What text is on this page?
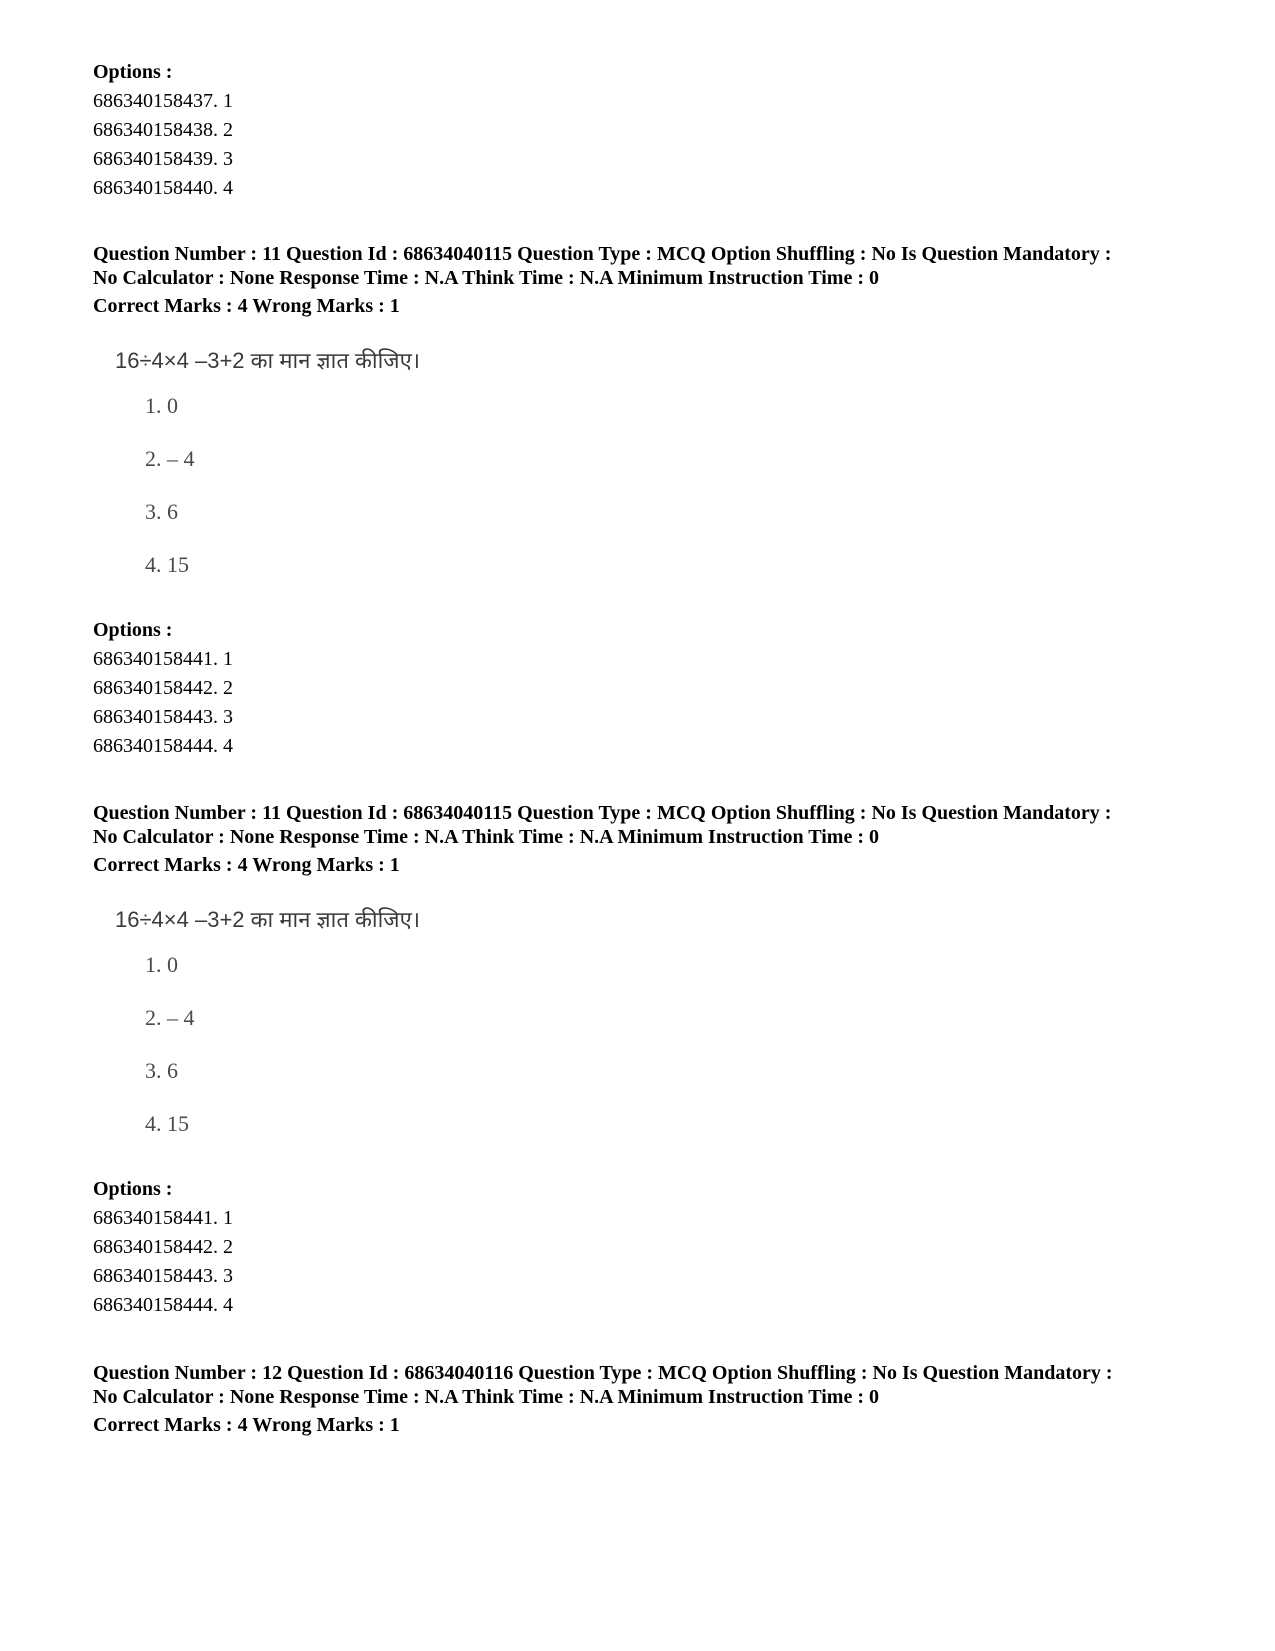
Options :
686340158437. 1
686340158438. 2
686340158439. 3
686340158440. 4
Question Number : 11 Question Id : 68634040115 Question Type : MCQ Option Shuffling : No Is Question Mandatory :
No Calculator : None Response Time : N.A Think Time : N.A Minimum Instruction Time : 0
Correct Marks : 4 Wrong Marks : 1
16÷4×4 –3+2 का मान ज्ञात कीजिए।
1. 0
2. – 4
3. 6
4. 15
Options :
686340158441. 1
686340158442. 2
686340158443. 3
686340158444. 4
Question Number : 11 Question Id : 68634040115 Question Type : MCQ Option Shuffling : No Is Question Mandatory :
No Calculator : None Response Time : N.A Think Time : N.A Minimum Instruction Time : 0
Correct Marks : 4 Wrong Marks : 1
16÷4×4 –3+2 का मान ज्ञात कीजिए।
1. 0
2. – 4
3. 6
4. 15
Options :
686340158441. 1
686340158442. 2
686340158443. 3
686340158444. 4
Question Number : 12 Question Id : 68634040116 Question Type : MCQ Option Shuffling : No Is Question Mandatory :
No Calculator : None Response Time : N.A Think Time : N.A Minimum Instruction Time : 0
Correct Marks : 4 Wrong Marks : 1
